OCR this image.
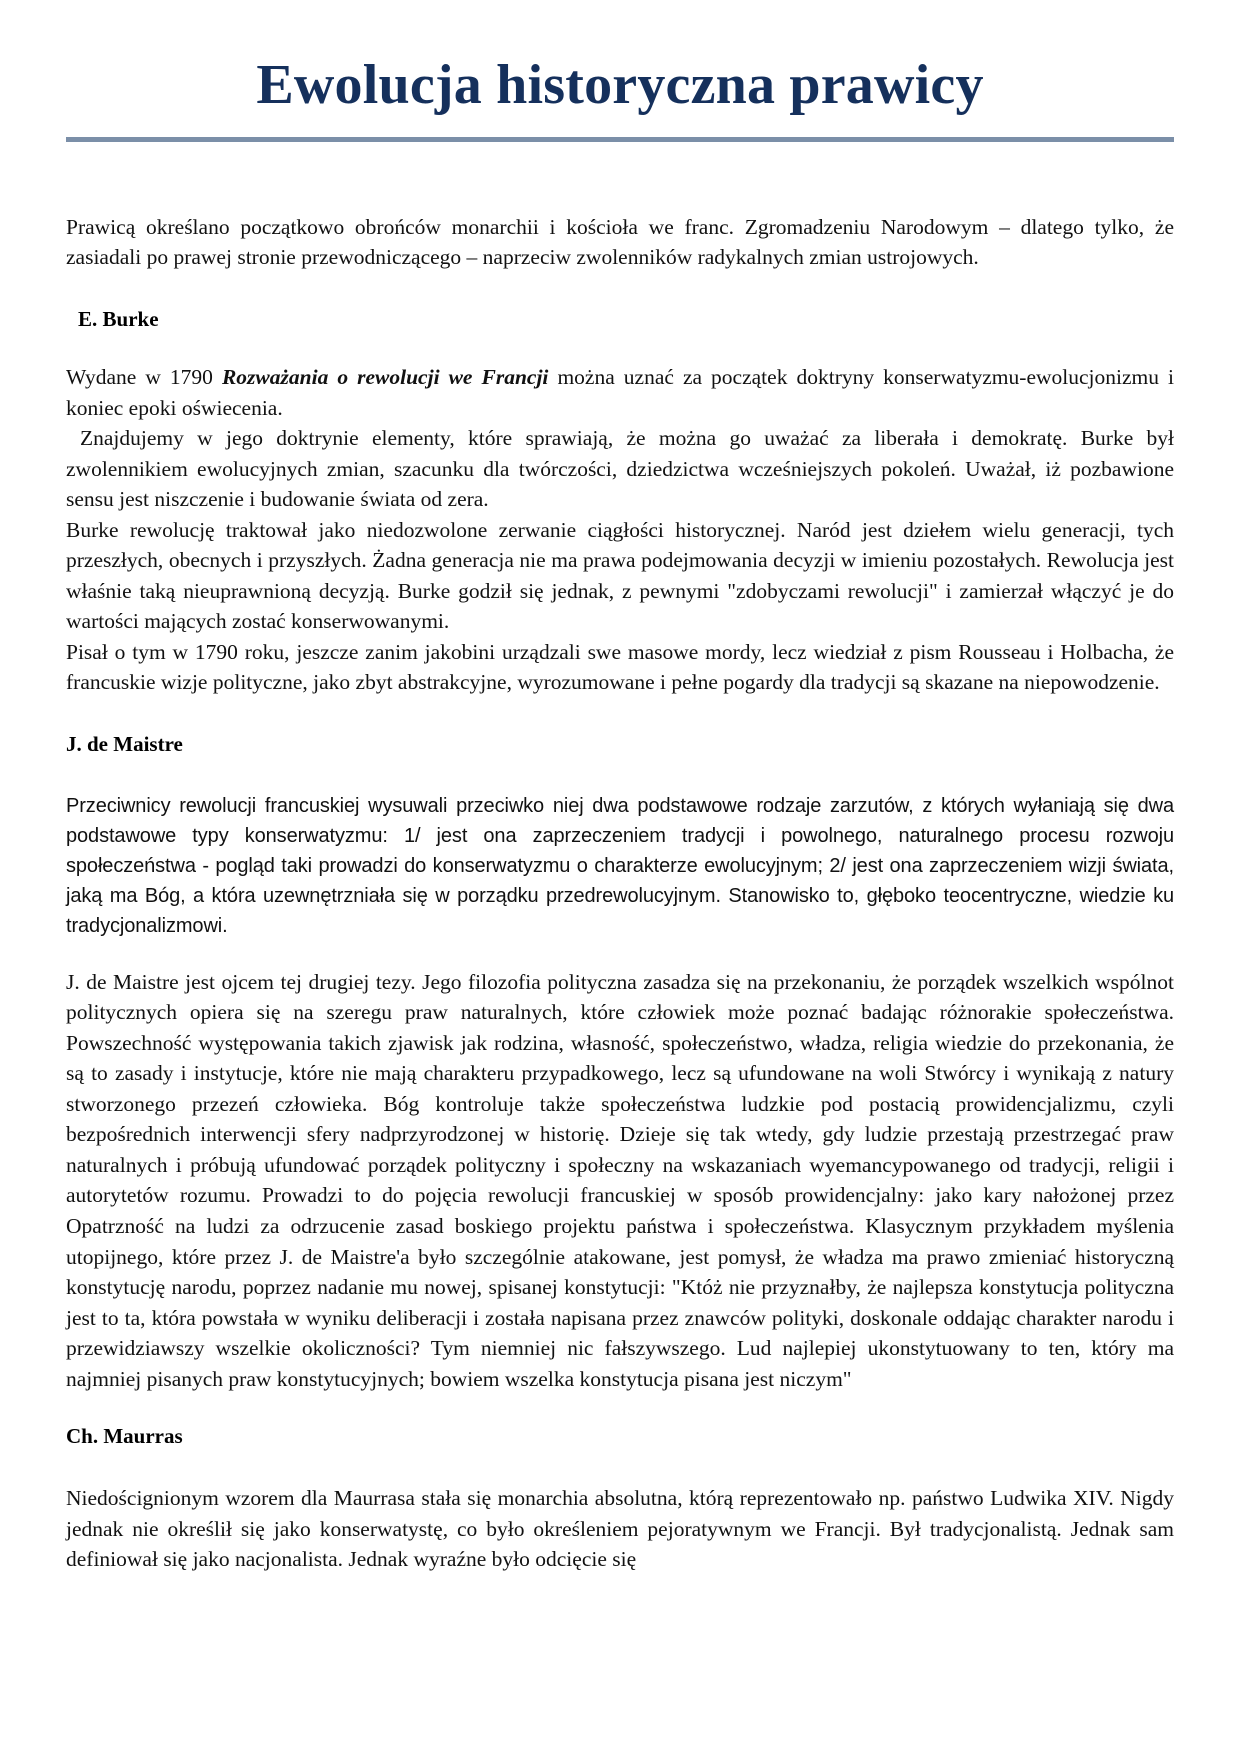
Ewolucja historyczna prawicy

Prawicą określano początkowo obrońców monarchii i kościoła we franc. Zgromadzeniu Narodowym – dlatego tylko, że zasiadali po prawej stronie przewodniczącego – naprzeciw zwolenników radykalnych zmian ustrojowych.

E. Burke

Wydane w 1790 Rozważania o rewolucji we Francji można uznać za początek doktryny konserwatyzmu-ewolucjonizmu i koniec epoki oświecenia.

Znajdujemy w jego doktrynie elementy, które sprawiają, że można go uważać za liberała i demokratę. Burke był zwolennikiem ewolucyjnych zmian, szacunku dla twórczości, dziedzictwa wcześniejszych pokoleń. Uważał, iż pozbawione sensu jest niszczenie i budowanie świata od zera.

Burke rewolucję traktował jako niedozwolone zerwanie ciągłości historycznej. Naród jest dziełem wielu generacji, tych przeszłych, obecnych i przyszłych. Żadna generacja nie ma prawa podejmowania decyzji w imieniu pozostałych. Rewolucja jest właśnie taką nieuprawnioną decyzją. Burke godził się jednak, z pewnymi "zdobyczami rewolucji" i zamierzał włączyć je do wartości mających zostać konserwowanymi.

Pisał o tym w 1790 roku, jeszcze zanim jakobini urządzali swe masowe mordy, lecz wiedział z pism Rousseau i Holbacha, że francuskie wizje polityczne, jako zbyt abstrakcyjne, wyrozumowane i pełne pogardy dla tradycji są skazane na niepowodzenie.

J. de Maistre

Przeciwnicy rewolucji francuskiej wysuwali przeciwko niej dwa podstawowe rodzaje zarzutów, z których wyłaniają się dwa podstawowe typy konserwatyzmu: 1/ jest ona zaprzeczeniem tradycji i powolnego, naturalnego procesu rozwoju społeczeństwa - pogląd taki prowadzi do konserwatyzmu o charakterze ewolucyjnym; 2/ jest ona zaprzeczeniem wizji świata, jaką ma Bóg, a która uzewnętrzniała się w porządku przedrewolucyjnym. Stanowisko to, głęboko teocentryczne, wiedzie ku tradycjonalizmowi.

J. de Maistre jest ojcem tej drugiej tezy. Jego filozofia polityczna zasadza się na przekonaniu, że porządek wszelkich wspólnot politycznych opiera się na szeregu praw naturalnych, które człowiek może poznać badając różnorakie społeczeństwa. Powszechność występowania takich zjawisk jak rodzina, własność, społeczeństwo, władza, religia wiedzie do przekonania, że są to zasady i instytucje, które nie mają charakteru przypadkowego, lecz są ufundowane na woli Stwórcy i wynikają z natury stworzonego przezeń człowieka. Bóg kontroluje także społeczeństwa ludzkie pod postacią prowidencjalizmu, czyli bezpośrednich interwencji sfery nadprzyrodzonej w historię. Dzieje się tak wtedy, gdy ludzie przestają przestrzegać praw naturalnych i próbują ufundować porządek polityczny i społeczny na wskazaniach wyemancypowanego od tradycji, religii i autorytetów rozumu. Prowadzi to do pojęcia rewolucji francuskiej w sposób prowidencjalny: jako kary nałożonej przez Opatrzność na ludzi za odrzucenie zasad boskiego projektu państwa i społeczeństwa. Klasycznym przykładem myślenia utopijnego, które przez J. de Maistre'a było szczególnie atakowane, jest pomysł, że władza ma prawo zmieniać historyczną konstytucję narodu, poprzez nadanie mu nowej, spisanej konstytucji: "Któż nie przyznałby, że najlepsza konstytucja polityczna jest to ta, która powstała w wyniku deliberacji i została napisana przez znawców polityki, doskonale oddając charakter narodu i przewidziawszy wszelkie okoliczności? Tym niemniej nic fałszywszego. Lud najlepiej ukonstytuowany to ten, który ma najmniej pisanych praw konstytucyjnych; bowiem wszelka konstytucja pisana jest niczym"

Ch. Maurras

Niedoścignionym wzorem dla Maurrasa stała się monarchia absolutna, którą reprezentowało np. państwo Ludwika XIV. Nigdy jednak nie określił się jako konserwatystę, co było określeniem pejoratywnym we Francji. Był tradycjonalistą. Jednak sam definiował się jako nacjonalista. Jednak wyraźne było odcięcie się
